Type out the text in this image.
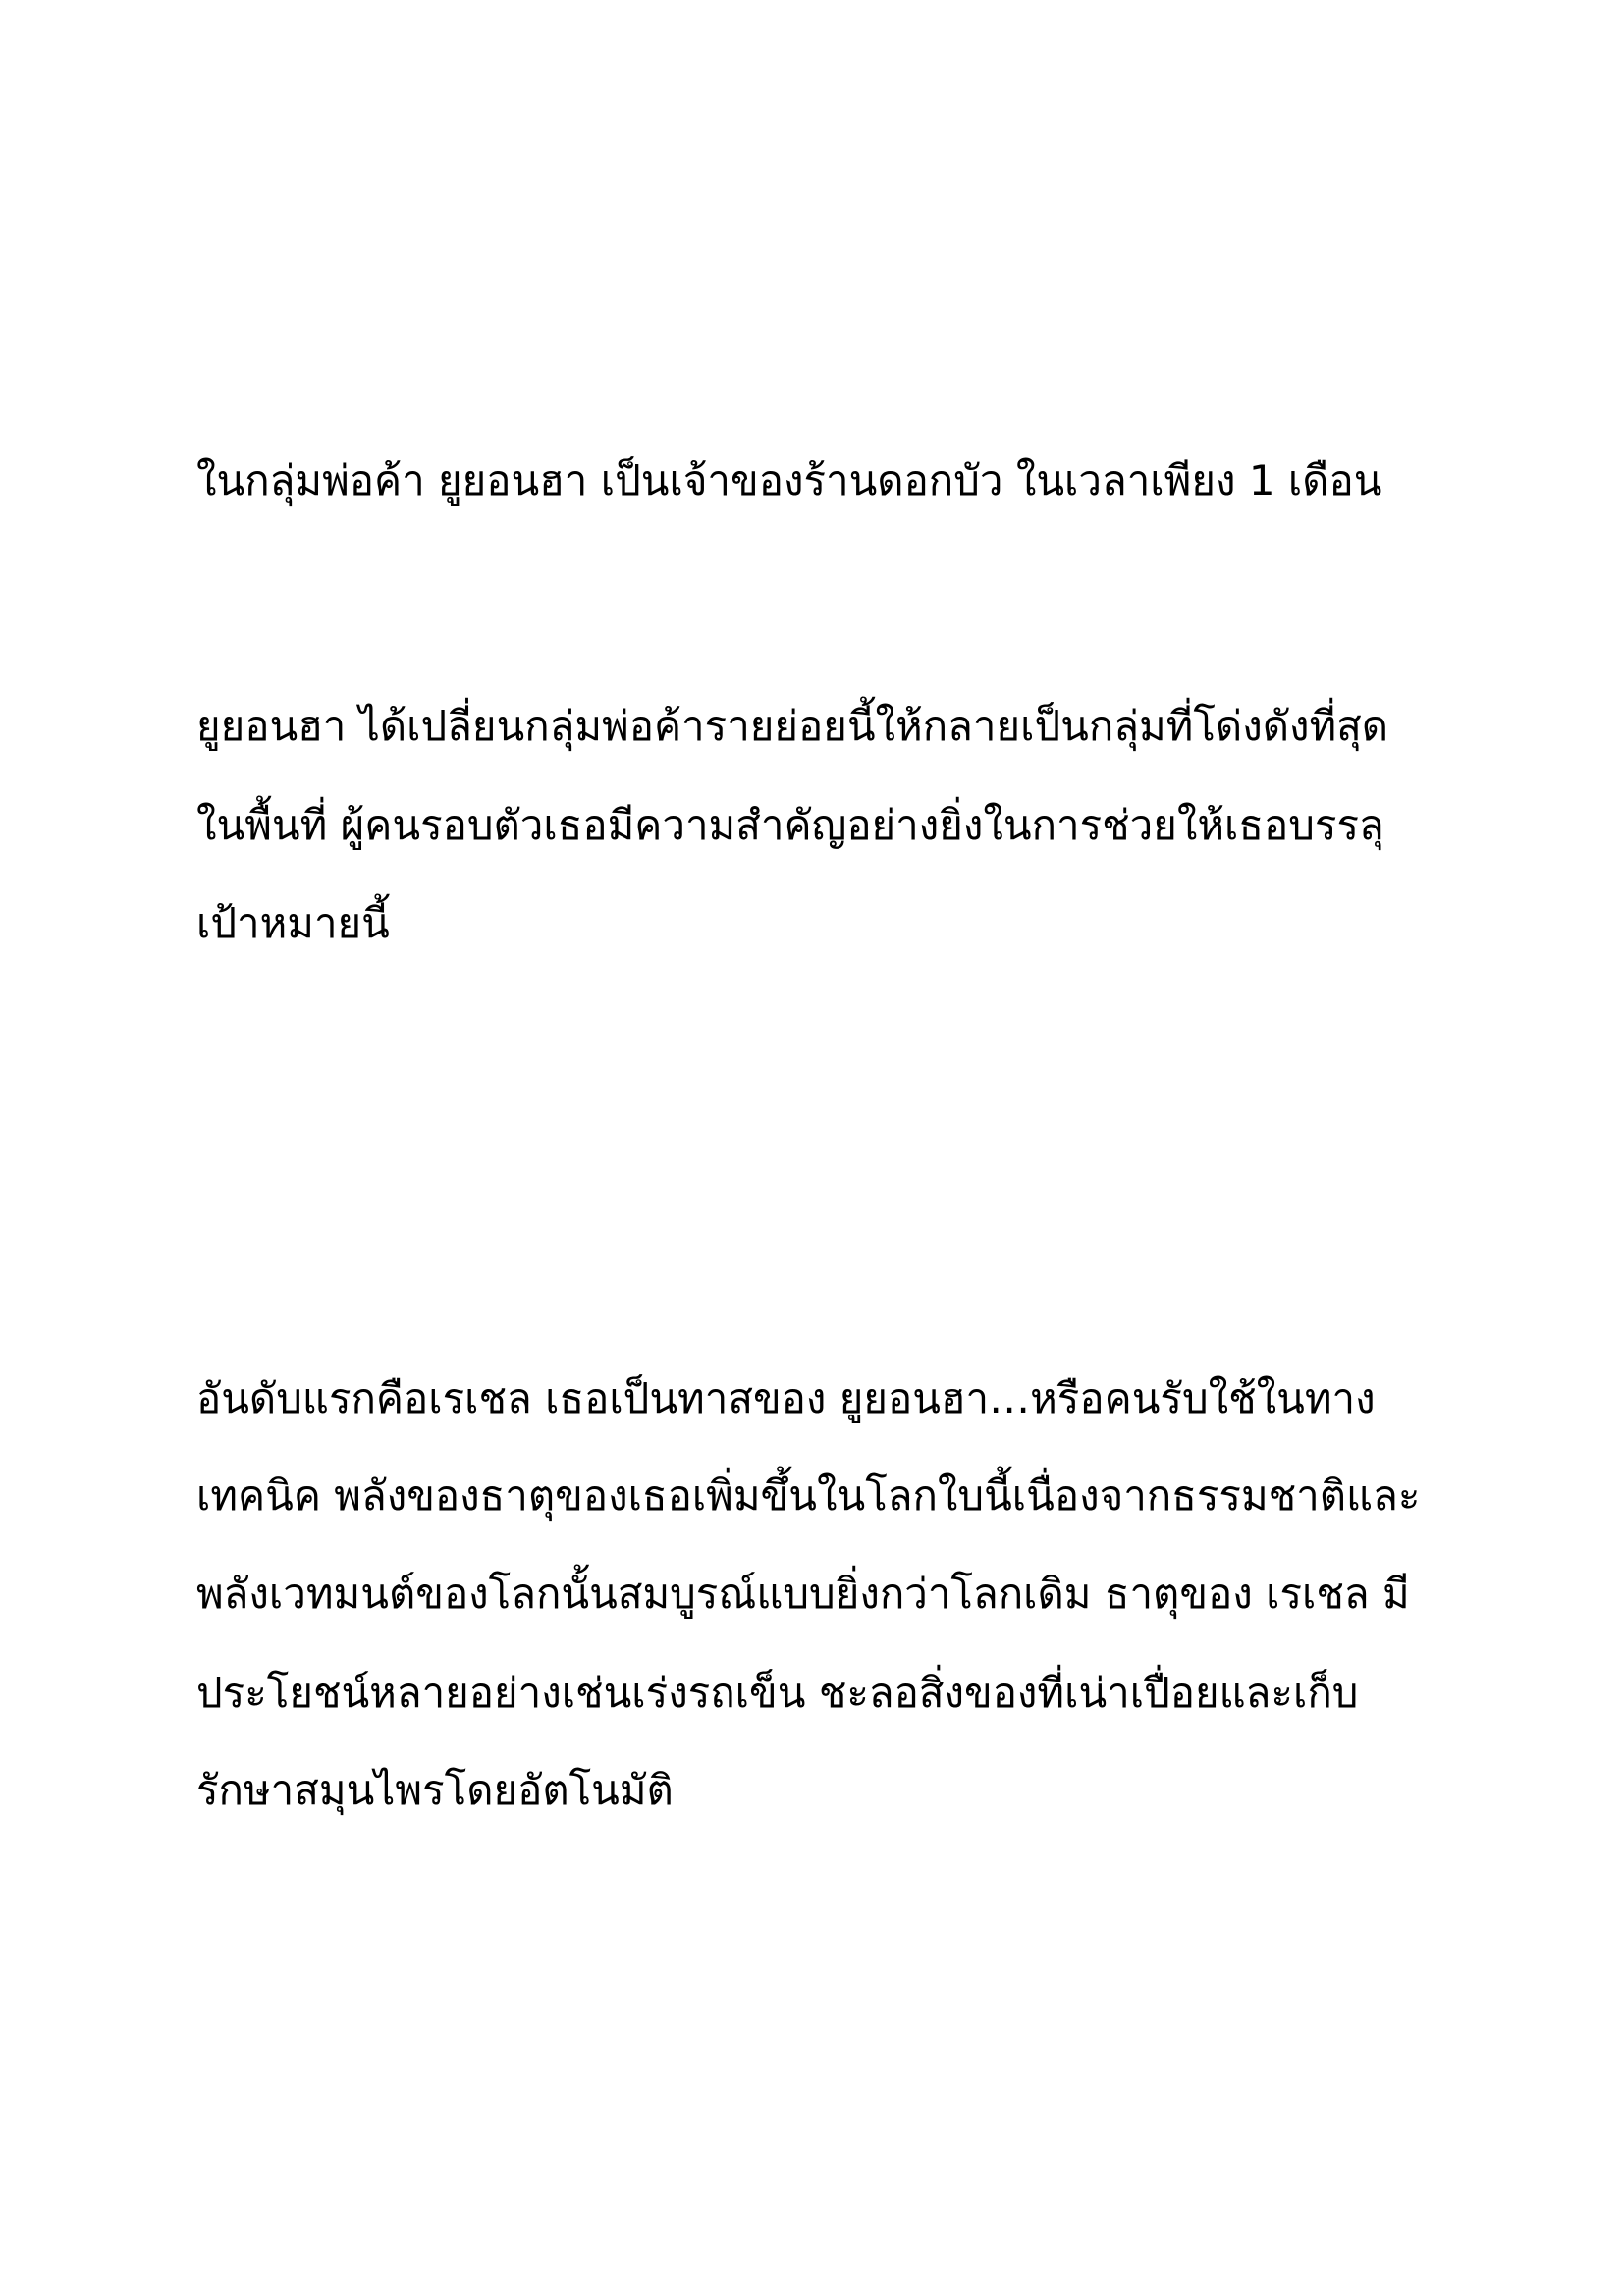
ในกลุ่มพ่อค้า ยูยอนฮา เป็นเจ้าของร้านดอกบัว ในเวลาเพียง 1 เดือน

ยูยอนฮา ได้เปลี่ยนกลุ่มพ่อค้ารายย่อยนี้ให้กลายเป็นกลุ่มที่โด่งดังที่สุด

ในพื้นที่ ผู้คนรอบตัวเธอมีความสำคัญอย่างยิ่งในการช่วยให้เธอบรรลุ

เป้าหมายนี้

อันดับแรกคือเรเชล เธอเป็นทาสของ ยูยอนฮา…หรือคนรับใช้ในทาง

เทคนิค พลังของธาตุของเธอเพิ่มขึ้นในโลกใบนี้เนื่องจากธรรมชาติและ

พลังเวทมนต์ของโลกนั้นสมบูรณ์แบบยิ่งกว่าโลกเดิม ธาตุของ เรเชล มี

ประโยชน์หลายอย่างเช่นเร่งรถเข็น ชะลอสิ่งของที่เน่าเปื่อยและเก็บ

รักษาสมุนไพรโดยอัตโนมัติ
